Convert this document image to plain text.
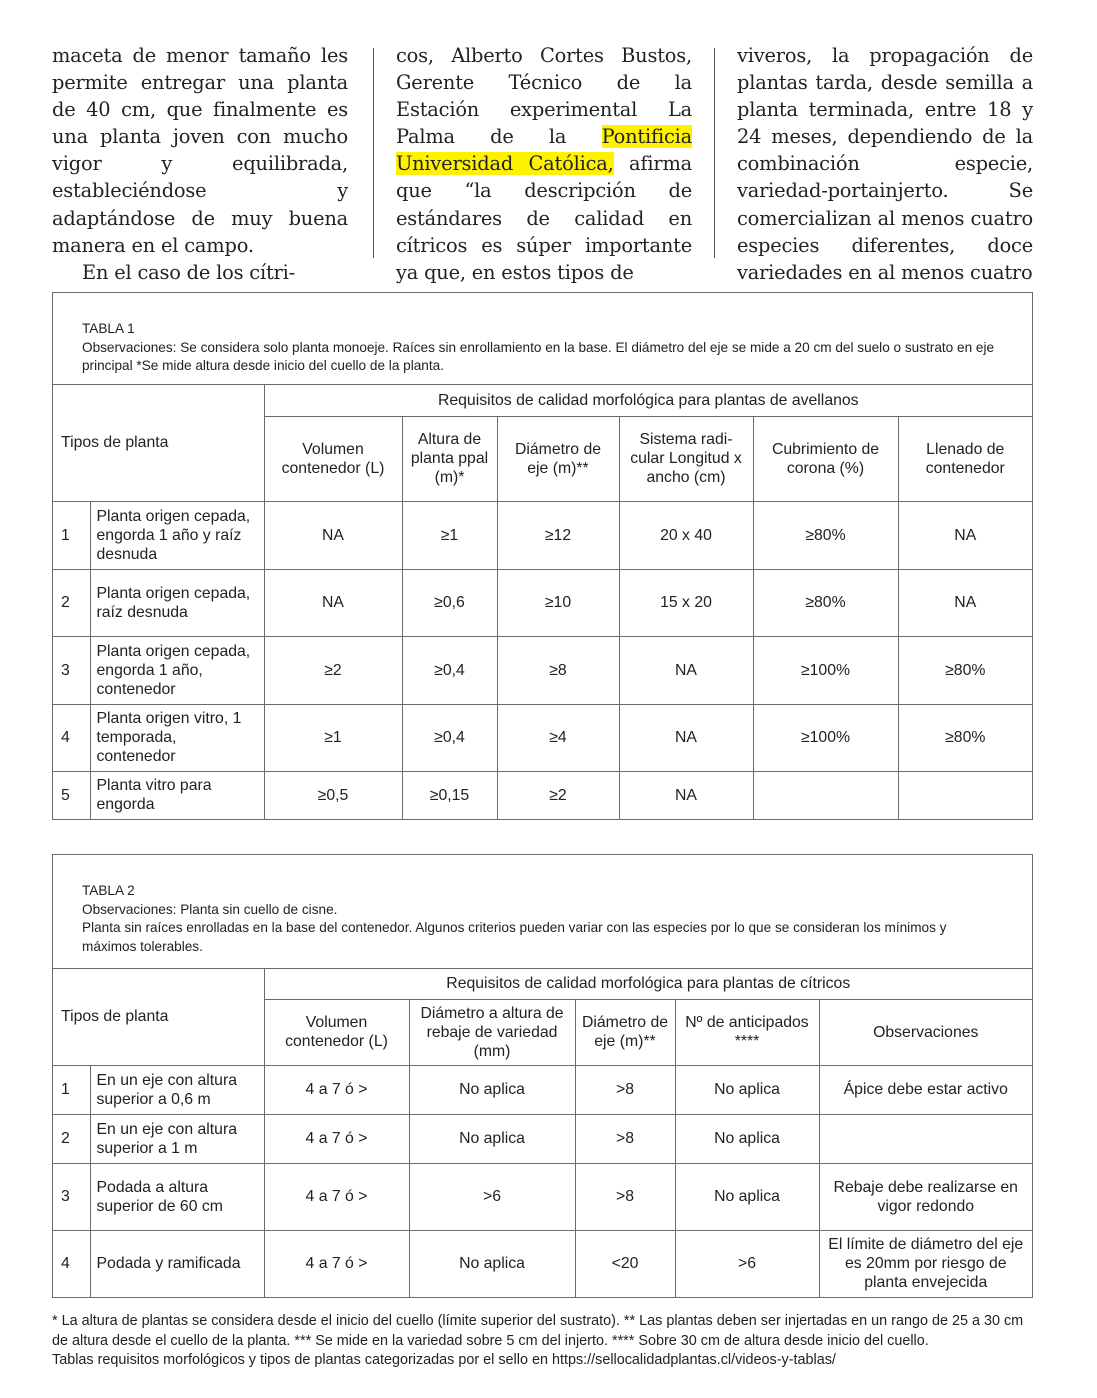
maceta de menor tamaño les permite entregar una planta de 40 cm, que finalmente es una planta joven con mucho vigor y equilibrada, estableciéndose y adaptándose de muy buena manera en el campo.

En el caso de los cítri-

cos, Alberto Cortes Bustos, Gerente Técnico de la Estación experimental La Palma de la Pontificia Universidad Católica, afirma que “la descripción de estándares de calidad en cítricos es súper importante ya que, en estos tipos de

viveros, la propagación de plantas tarda, desde semilla a planta terminada, entre 18 y 24 meses, dependiendo de la combinación especie, variedad-portainjerto. Se comercializan al menos cuatro especies diferentes, doce variedades en al menos cuatro

TABLA 1

Observaciones: Se considera solo planta monoeje. Raíces sin enrollamiento en la base. El diámetro del eje se mide a 20 cm del suelo o sustrato en eje principal *Se mide altura desde inicio del cuello de la planta.

Tipos de planta		Requisitos de calidad morfológica para plantas de avellanos					
		Volumen contenedor (L)	Altura de planta ppal (m)*	Diámetro de eje (m)**	Sistema radi-cular Longitud x ancho (cm)	Cubrimiento de corona (%)	Llenado de contenedor
1	Planta origen cepada, engorda 1 año y raíz desnuda	NA	≥1	≥12	20 x 40	≥80%	NA
2	Planta origen cepada, raíz desnuda	NA	≥0,6	≥10	15 x 20	≥80%	NA
3	Planta origen cepada, engorda 1 año, contenedor	≥2	≥0,4	≥8	NA	≥100%	≥80%
4	Planta origen vitro, 1 temporada, contenedor	≥1	≥0,4	≥4	NA	≥100%	≥80%
5	Planta vitro para engorda	≥0,5	≥0,15	≥2	NA		

TABLA 2

Observaciones: Planta sin cuello de cisne.

Planta sin raíces enrolladas en la base del contenedor. Algunos criterios pueden variar con las especies por lo que se consideran los mínimos y máximos tolerables.

Tipos de planta		Requisitos de calidad morfológica para plantas de cítricos				
		Volumen contenedor (L)	Diámetro a altura de rebaje de variedad (mm)	Diámetro de eje (m)**	Nº de anticipados ****	Observaciones
1	En un eje con altura superior a 0,6 m	4 a 7 ó >	No aplica	>8	No aplica	Ápice debe estar activo
2	En un eje con altura superior a 1 m	4 a 7 ó >	No aplica	>8	No aplica	
3	Podada a altura superior de 60 cm	4 a 7 ó >	>6	>8	No aplica	Rebaje debe realizarse en vigor redondo
4	Podada y ramificada	4 a 7 ó >	No aplica	<20	>6	El límite de diámetro del eje es 20mm por riesgo de planta envejecida

* La altura de plantas se considera desde el inicio del cuello (límite superior del sustrato). ** Las plantas deben ser injertadas en un rango de 25 a 30 cm de altura desde el cuello de la planta. *** Se mide en la variedad sobre 5 cm del injerto. **** Sobre 30 cm de altura desde inicio del cuello.

Tablas requisitos morfológicos y tipos de plantas categorizadas por el sello en https://sellocalidadplantas.cl/videos-y-tablas/
